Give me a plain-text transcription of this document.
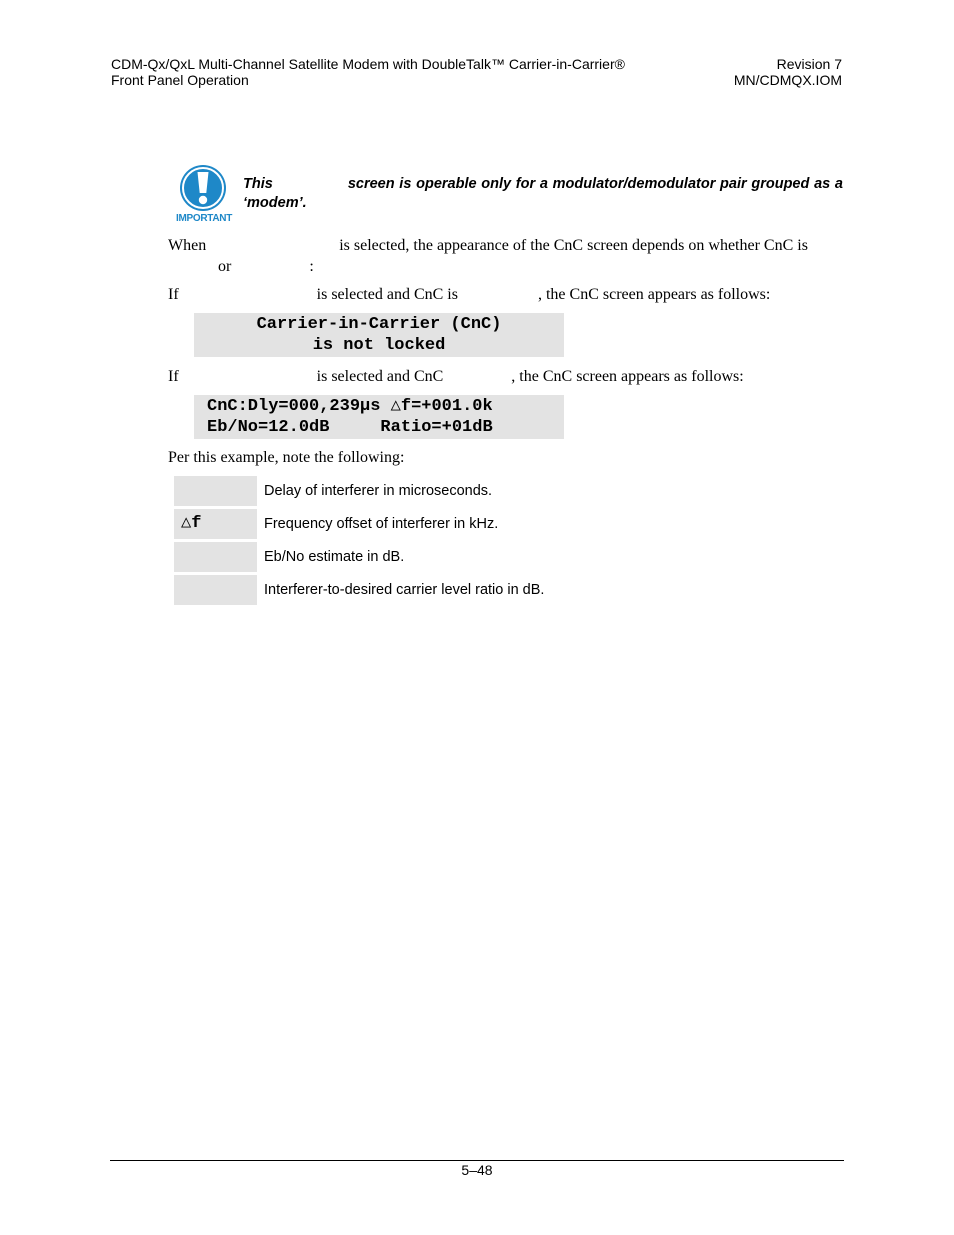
CDM-Qx/QxL Multi-Channel Satellite Modem with DoubleTalk™ Carrier-in-Carrier®
Front Panel Operation
Revision 7
MN/CDMQX.IOM
IMPORTANT
This	screen is operable only for a modulator/demodulator pair grouped as a ‘modem’.
When	is selected, the appearance of the CnC screen depends on whether CnC is
or	:
If	is selected and CnC is	, the CnC screen appears as follows:
Carrier-in-Carrier (CnC)
is not locked
If	is selected and CnC	, the CnC screen appears as follows:
CnC:Dly=000,239µs △f=+001.0k
Eb/No=12.0dB     Ratio=+01dB
Per this example, note the following:
Delay of interferer in microseconds.
△f	Frequency offset of interferer in kHz.
Eb/No estimate in dB.
Interferer-to-desired carrier level ratio in dB.
5–48
